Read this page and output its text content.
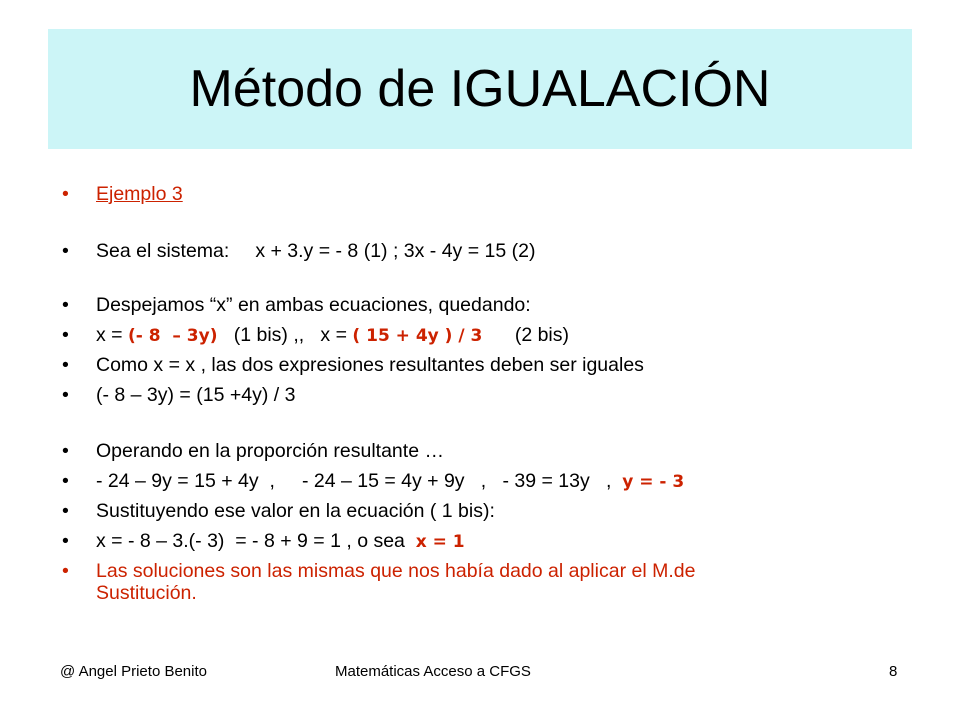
Método de IGUALACIÓN
• Ejemplo 3
• Sea el sistema: x + 3.y = - 8 (1) ; 3x - 4y = 15 (2)
• Despejamos “x” en ambas ecuaciones, quedando:
• x = (- 8  – 3y)   (1 bis) ,,   x = ( 15 + 4y ) / 3      (2 bis)
• Como x = x , las dos expresiones resultantes deben ser iguales
• (- 8 – 3y) = (15 +4y) / 3
• Operando en la proporción resultante …
• - 24 – 9y = 15 + 4y  ,     - 24 – 15 = 4y + 9y   ,   - 39 = 13y   ,  y = - 3
• Sustituyendo ese valor en la ecuación ( 1 bis):
• x = - 8 – 3.(- 3)  = - 8 + 9 = 1 , o sea  x = 1
• Las soluciones son las mismas que nos había dado al aplicar el M.de
Sustitución.
@ Angel Prieto Benito	Matemáticas Acceso a CFGS	8
